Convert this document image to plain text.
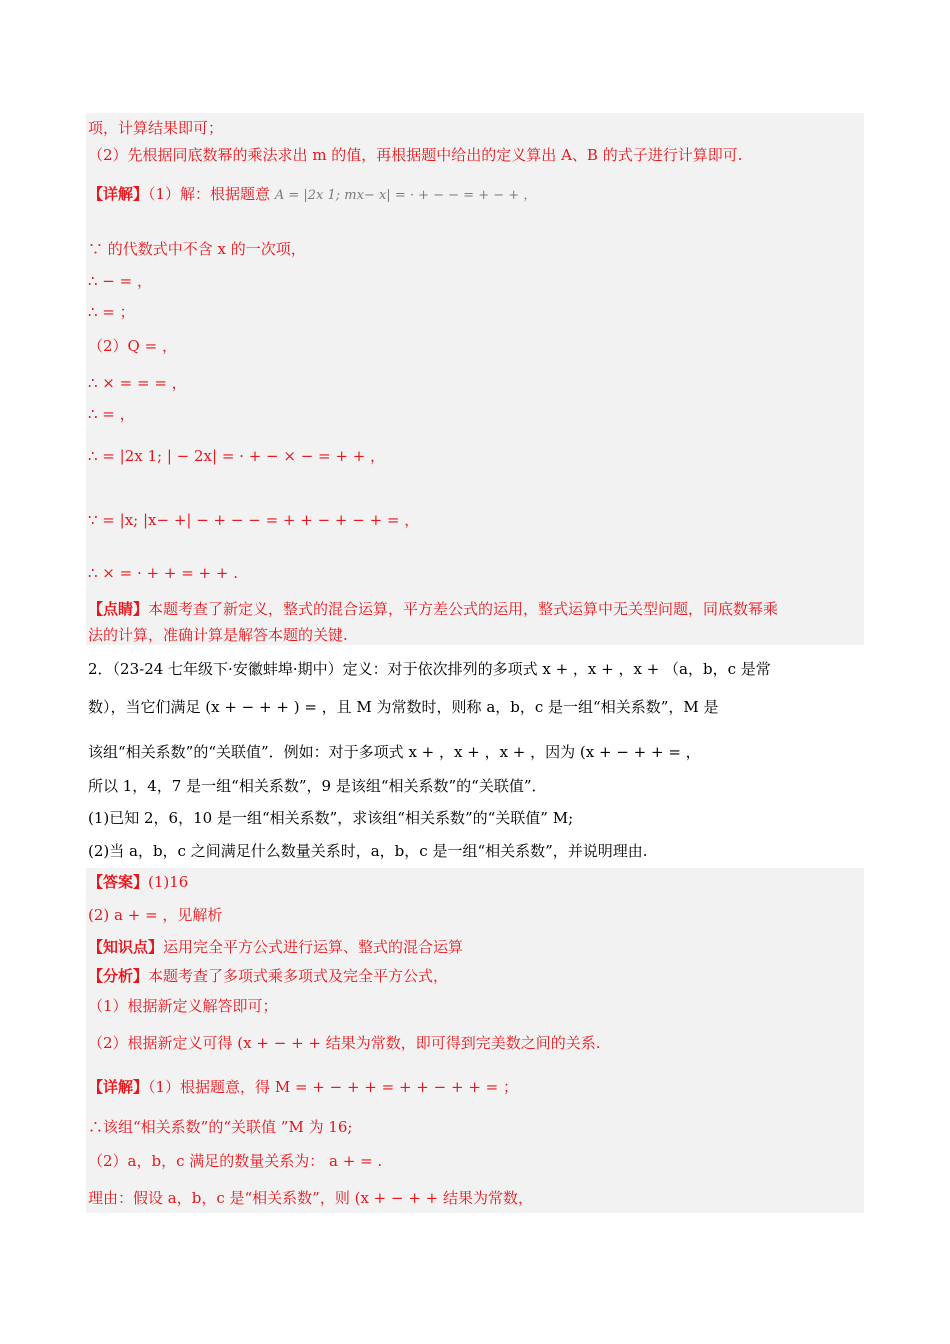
项，计算结果即可；
（2）先根据同底数幂的乘法求出 m 的值，再根据题中给出的定义算出 A、B 的式子进行计算即可.
【详解】（1）解：根据题意 A = |2x 1; mx− x| = · + − − = + − + ，
∵ 的代数式中不含 x 的一次项，
∴ − = ，
∴ = ；
（2）Q = ，
∴ × = = = ，
∴ = ，
∴ = |2x 1; | − 2x| = · + − × − = + + ，
∵ = |x; |x− +| − + − − = + + − + − + = ，
∴ × = · + + = + + .
【点睛】本题考查了新定义，整式的混合运算，平方差公式的运用，整式运算中无关型问题，同底数幂乘
法的计算，准确计算是解答本题的关键.
2．（23-24 七年级下·安徽蚌埠·期中）定义：对于依次排列的多项式 x + ，x + ，x + （a，b，c 是常
数），当它们满足 (x + − + + ) = ，且 M 为常数时，则称 a，b，c 是一组“相关系数”，M 是
该组“相关系数”的“关联值”．例如：对于多项式 x + ，x + ，x + ，因为 (x + − + + = ，
所以 1，4，7 是一组“相关系数”，9 是该组“相关系数”的“关联值”．
(1)已知 2，6，10 是一组“相关系数”，求该组“相关系数”的“关联值” M;
(2)当 a，b，c 之间满足什么数量关系时，a，b，c 是一组“相关系数”，并说明理由.
【答案】(1)16
(2) a + = ，见解析
【知识点】运用完全平方公式进行运算、整式的混合运算
【分析】本题考查了多项式乘多项式及完全平方公式，
（1）根据新定义解答即可；
（2）根据新定义可得 (x + − + + 结果为常数，即可得到完美数之间的关系.
【详解】（1）根据题意，得 M = + − + + = + + − + + = ；
∴该组“相关系数”的“关联值 ”M 为 16;
（2）a，b，c 满足的数量关系为： a + = .
理由：假设 a，b，c 是“相关系数”，则 (x + − + + 结果为常数，
